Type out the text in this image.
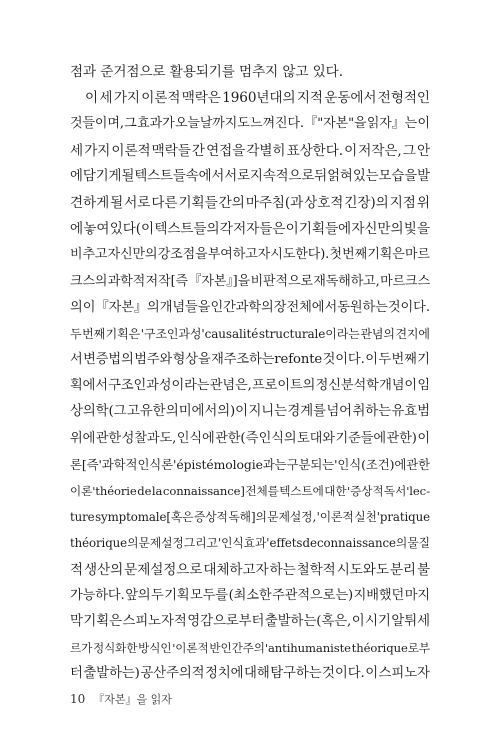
점과 준거점으로 활용되기를 멈추지 않고 있다.
이 세 가지 이론적 맥락은 1960년대의 지적 운동에서 전형적인
것들이며, 그 효과가 오늘날까지도 느껴진다. 『"자본"을 읽자』는 이
세 가지 이론적 맥락들 간 연접을 각별히 표상한다. 이 저작은, 그 안
에 담기게 될 텍스트들 속에서 서로 지속적으로 뒤얽혀 있는 모습을 발
견하게 될 서로 다른 기획들 간의 마주침(과 상호적 긴장)의 지점 위
에 놓여 있다(이 텍스트들의 각 저자들은 이 기획들에 자신만의 빛을
비추고 자신만의 강조점을 부여하고자 시도한다). 첫 번째 기획은 마르
크스의 과학적 저작[즉 『자본』]을 비판적으로 재독해하고, 마르크스
의 이 『자본』의 개념들을 인간과학의 장 전체에서 동원하는 것이다.
두 번째 기획은 '구조인과성'causalité structurale이라는 관념의 견지에
서 변증법의 범주와 형상을 재주조하는refonte 것이다. 이 두 번째 기
획에서 구조인과성이라는 관념은, 프로이트의 정신분석학 개념이 임
상의학(그 고유한 의미에서의)이 지니는 경계를 넘어 취하는 유효범
위에 관한 성찰과도, 인식에 관한(즉 인식의 토대와 기준들에 관한) 이
론[즉 '과학적 인식론'épistémologie과는 구분되는 '인식(조건)에 관한
이론'théorie de la connaissance] 전체를 텍스트에 대한 '증상적 독서'lec-
ture symptomale[혹은 증상적 독해]의 문제설정, '이론적 실천'pratique
théorique의 문제설정 그리고 '인식효과'effets de connaissance의 물질
적 생산의 문제설정으로 대체하고자 하는 철학적 시도와도 분리 불
가능하다. 앞의 두 기획 모두를 (최소한 주관적으로는) 지배했던 마지
막 기획은 스피노자적 영감으로부터 출발하는(혹은, 이 시기 알튀세
르가 정식화한 방식인 '이론적 반인간주의'antihumaniste théorique로부
터 출발하는) 공산주의적 정치에 대해 탐구하는 것이다. 이 스피노자
10 『자본』을 읽자
